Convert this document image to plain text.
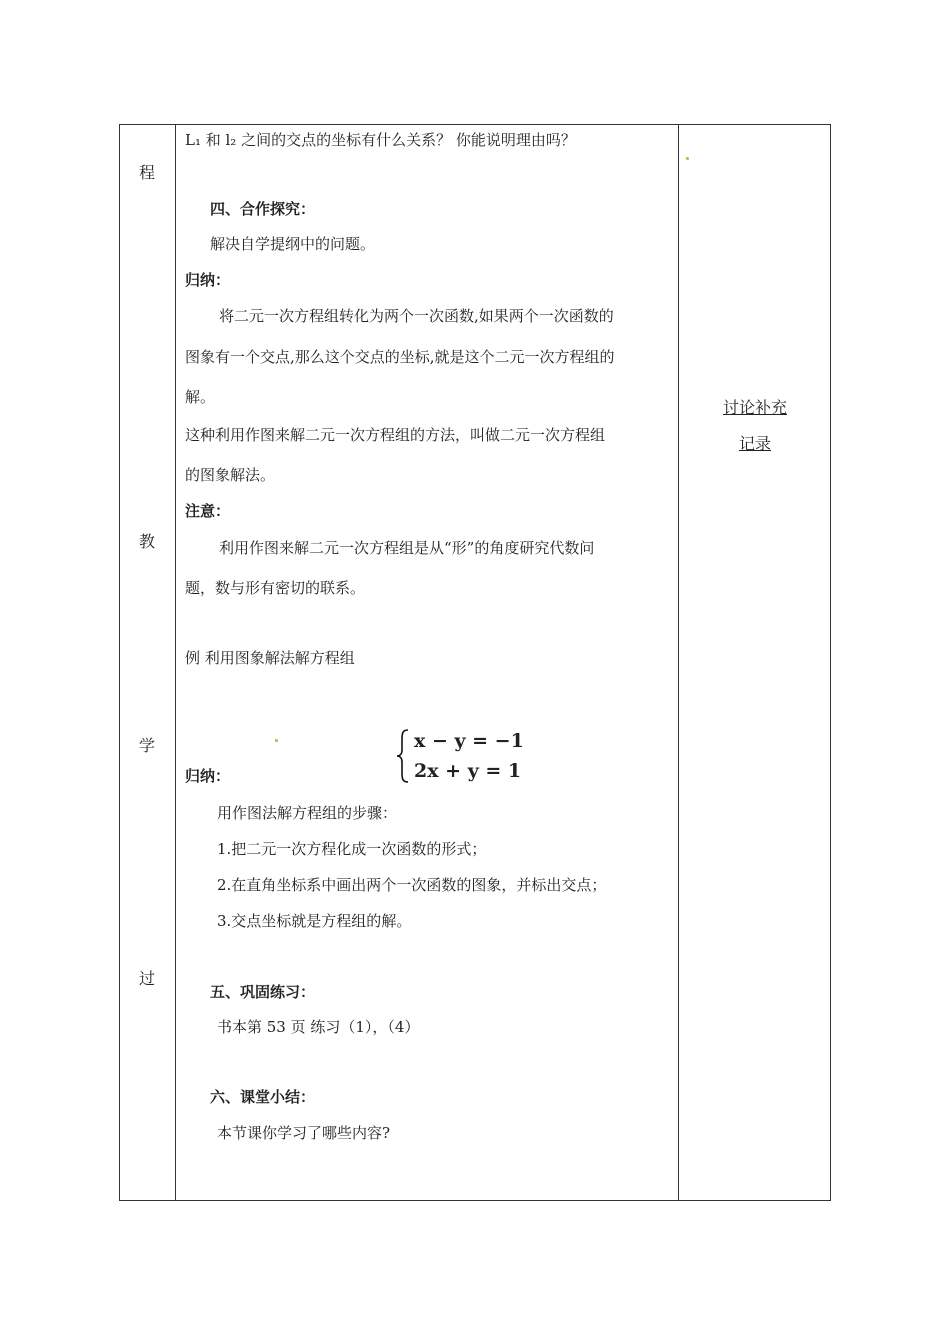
程
教
学
过
L₁ 和 l₂ 之间的交点的坐标有什么关系？ 你能说明理由吗？
四、合作探究：
解决自学提纲中的问题。
归纳：
将二元一次方程组转化为两个一次函数,如果两个一次函数的
图象有一个交点,那么这个交点的坐标,就是这个二元一次方程组的
解。
这种利用作图来解二元一次方程组的方法，叫做二元一次方程组
的图象解法。
注意：
利用作图来解二元一次方程组是从“形”的角度研究代数问
题，数与形有密切的联系。
例 利用图象解法解方程组
x − y = −1
2x + y = 1
归纳：
用作图法解方程组的步骤：
1.把二元一次方程化成一次函数的形式；
2.在直角坐标系中画出两个一次函数的图象，并标出交点；
3.交点坐标就是方程组的解。
五、巩固练习：
书本第 53 页 练习（1），（4）
六、课堂小结：
本节课你学习了哪些内容?
讨论补充
记录
